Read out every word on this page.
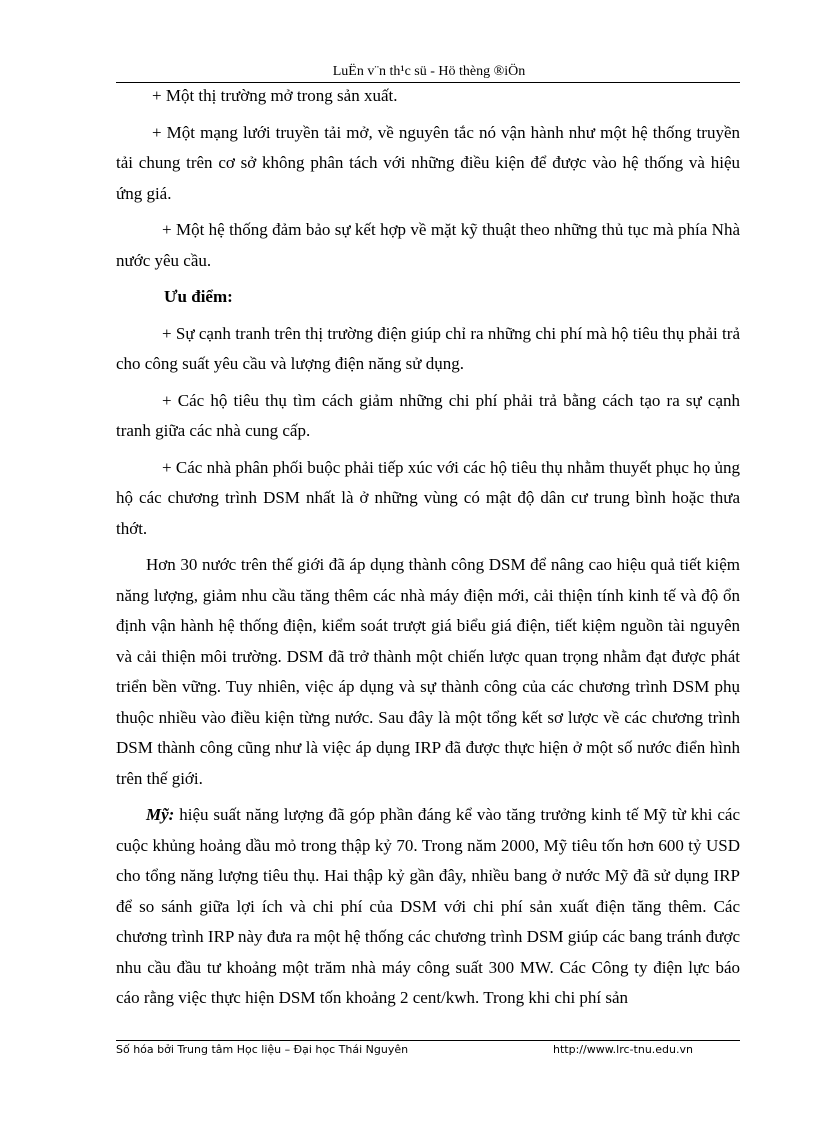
LuËn v¨n th¹c sü - Hö thèng ®iÖn

+ Một thị trường mở trong sản xuất.

+ Một mạng lưới truyền tải mở, về nguyên tắc nó vận hành như một hệ thống truyền tải chung trên cơ sở không phân tách với những điều kiện để được vào hệ thống và hiệu ứng giá.

+ Một hệ thống đảm bảo sự kết hợp về mặt kỹ thuật theo những thủ tục mà phía Nhà nước yêu cầu.

Ưu điểm:

+ Sự cạnh tranh trên thị trường điện giúp chỉ ra những chi phí mà hộ tiêu thụ phải trả cho công suất yêu cầu và lượng điện năng sử dụng.

+ Các hộ tiêu thụ tìm cách giảm những chi phí phải trả bằng cách tạo ra sự cạnh tranh giữa các nhà cung cấp.

+ Các nhà phân phối buộc phải tiếp xúc với các hộ tiêu thụ nhằm thuyết phục họ ủng hộ các chương trình DSM nhất là ở những vùng có mật độ dân cư trung bình hoặc thưa thớt.

Hơn 30 nước trên thế giới đã áp dụng thành công DSM để nâng cao hiệu quả tiết kiệm năng lượng, giảm nhu cầu tăng thêm các nhà máy điện mới, cải thiện tính kinh tế và độ ổn định vận hành hệ thống điện, kiểm soát trượt giá biểu giá điện, tiết kiệm nguồn tài nguyên và cải thiện môi trường. DSM đã trở thành một chiến lược quan trọng nhằm đạt được phát triển bền vững. Tuy nhiên, việc áp dụng và sự thành công của các chương trình DSM phụ thuộc nhiều vào điều kiện từng nước. Sau đây là một tổng kết sơ lược về các chương trình DSM thành công cũng như là việc áp dụng IRP đã được thực hiện ở một số nước điển hình trên thế giới.

Mỹ: hiệu suất năng lượng đã góp phần đáng kể vào tăng trưởng kinh tế Mỹ từ khi các cuộc khủng hoảng dầu mỏ trong thập kỷ 70. Trong năm 2000, Mỹ tiêu tốn hơn 600 tỷ USD cho tổng năng lượng tiêu thụ. Hai thập kỷ gần đây, nhiều bang ở nước Mỹ đã sử dụng IRP để so sánh giữa lợi ích và chi phí của DSM với chi phí sản xuất điện tăng thêm. Các chương trình IRP này đưa ra một hệ thống các chương trình DSM giúp các bang tránh được nhu cầu đầu tư khoảng một trăm nhà máy công suất 300 MW. Các Công ty điện lực báo cáo rằng việc thực hiện DSM tốn khoảng 2 cent/kwh. Trong khi chi phí sản

Số hóa bởi Trung tâm Học liệu – Đại học Thái Nguyên	http://www.lrc-tnu.edu.vn
